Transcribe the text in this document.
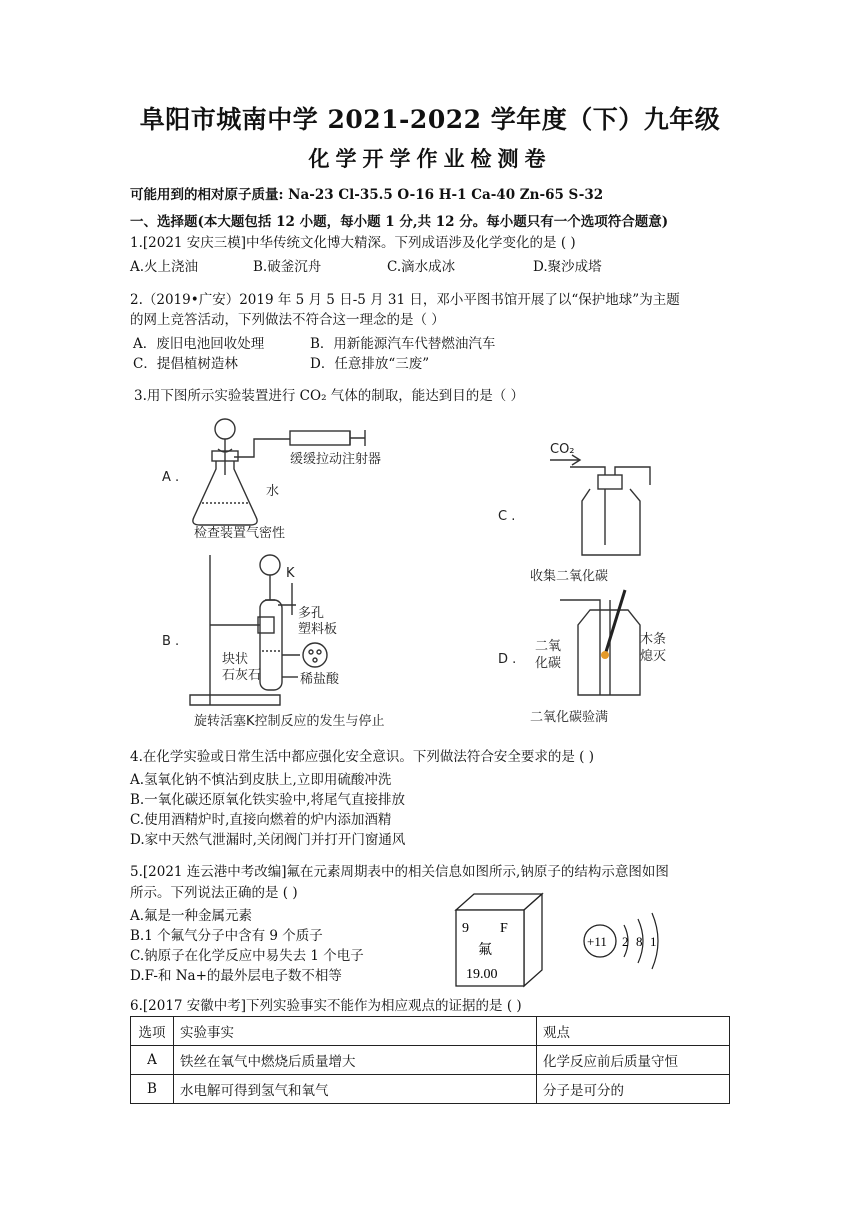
阜阳市城南中学 2021-2022 学年度（下）九年级
化学开学作业检测卷
可能用到的相对原子质量: Na-23 Cl-35.5 O-16 H-1 Ca-40 Zn-65 S-32
一、选择题(本大题包括 12 小题，每小题 1 分,共 12 分。每小题只有一个选项符合题意)
1.[2021 安庆三模]中华传统文化博大精深。下列成语涉及化学变化的是 ( )
A.火上浇油	B.破釜沉舟	C.滴水成冰	D.聚沙成塔
2.（2019•广安）2019 年 5 月 5 日-5 月 31 日，邓小平图书馆开展了以“保护地球”为主题
的网上竞答活动，下列做法不符合这一理念的是（ ）
A．废旧电池回收处理	B．用新能源汽车代替燃油汽车
C．提倡植树造林	D．任意排放“三废”
3.用下图所示实验装置进行 CO₂ 气体的制取，能达到目的是（ ）
A .
缓缓拉动注射器
水
检查装置气密性
B .
K
多孔
塑料板
块状
石灰石	稀盐酸
旋转活塞K控制反应的发生与停止
C .
CO₂
收集二氧化碳
D .
二氧
化碳
木条
熄灭
二氧化碳验满
4.在化学实验或日常生活中都应强化安全意识。下列做法符合安全要求的是 ( )
A.氢氧化钠不慎沾到皮肤上,立即用硫酸冲洗
B.一氧化碳还原氧化铁实验中,将尾气直接排放
C.使用酒精炉时,直接向燃着的炉内添加酒精
D.家中天然气泄漏时,关闭阀门并打开门窗通风
5.[2021 连云港中考改编]氟在元素周期表中的相关信息如图所示,钠原子的结构示意图如图
所示。下列说法正确的是 ( )
A.氟是一种金属元素
B.1 个氟气分子中含有 9 个质子
C.钠原子在化学反应中易失去 1 个电子
D.F-和 Na+的最外层电子数不相等
9 F
氟
19.00
+11 2 8 1
6.[2017 安徽中考]下列实验事实不能作为相应观点的证据的是 ( )
选项	实验事实	观点
A	铁丝在氧气中燃烧后质量增大	化学反应前后质量守恒
B	水电解可得到氢气和氧气	分子是可分的
